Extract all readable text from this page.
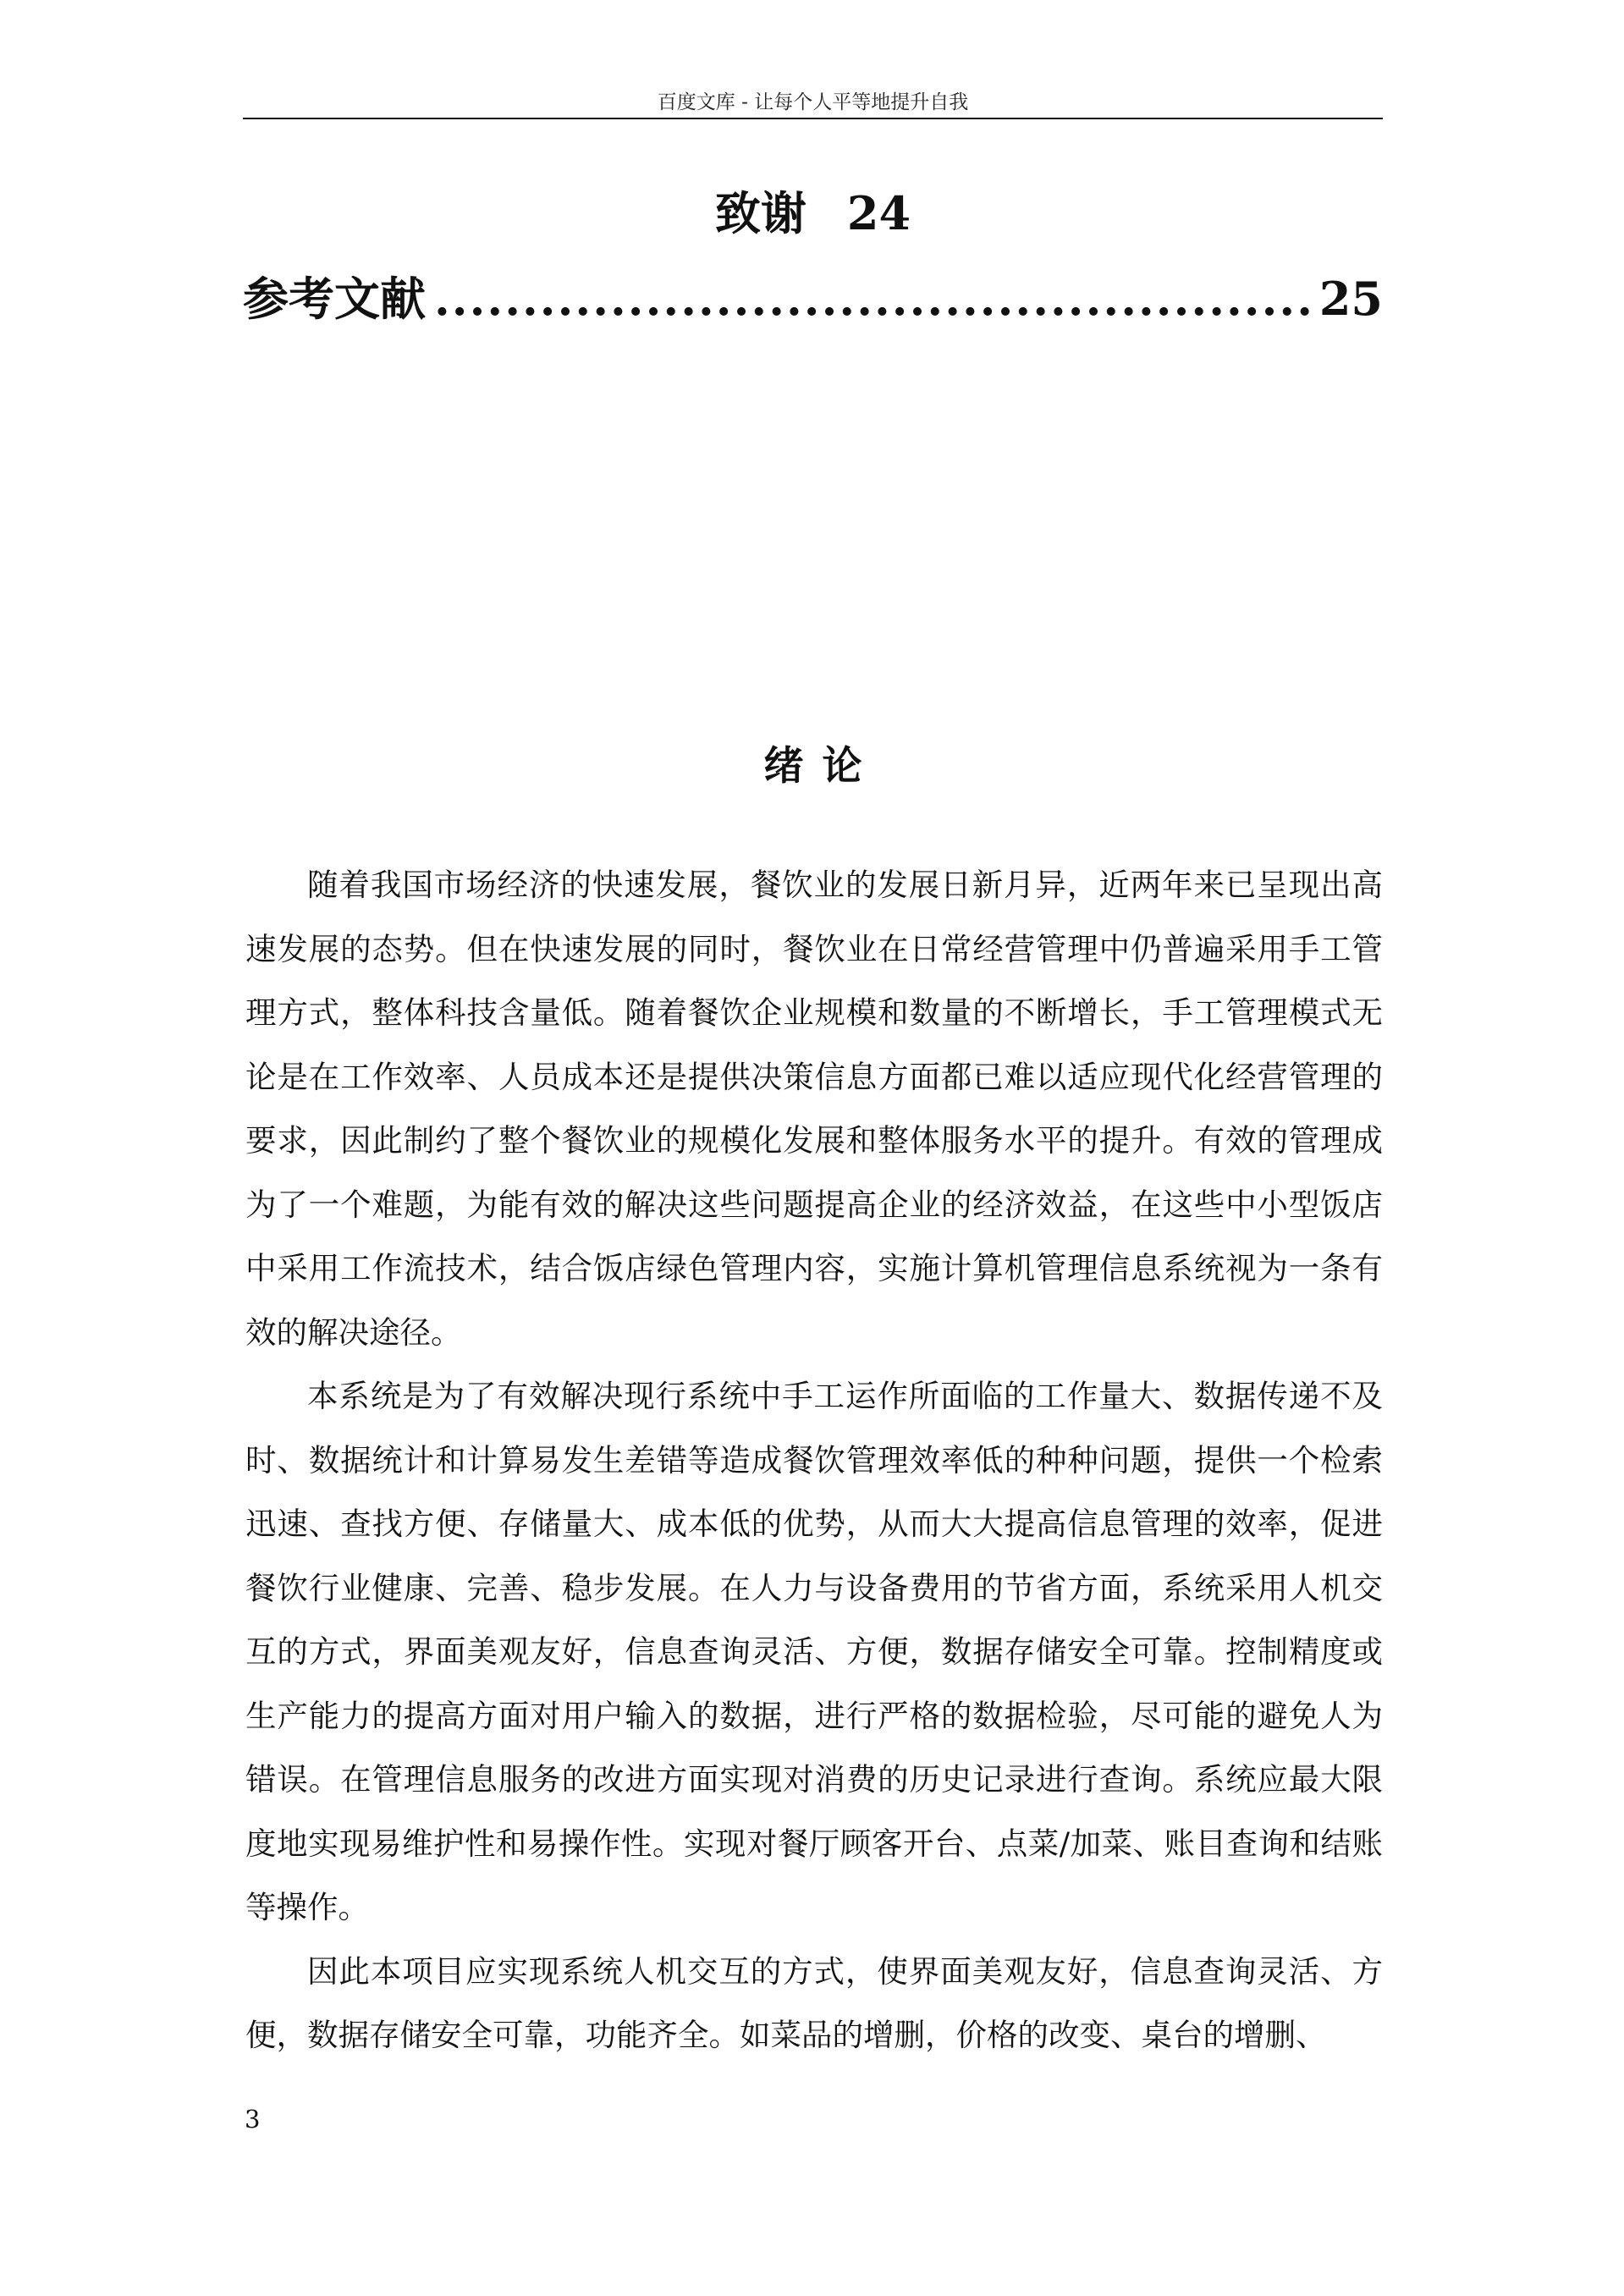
百度文库 - 让每个人平等地提升自我
致谢 24
参考文献
.....	25
绪论

随着我国市场经济的快速发展，餐饮业的发展日新月异，近两年来已呈现出高速发展的态势。但在快速发展的同时，餐饮业在日常经营管理中仍普遍采用手工管理方式，整体科技含量低。随着餐饮企业规模和数量的不断增长，手工管理模式无论是在工作效率、人员成本还是提供决策信息方面都已难以适应现代化经营管理的要求，因此制约了整个餐饮业的规模化发展和整体服务水平的提升。有效的管理成为了一个难题，为能有效的解决这些问题提高企业的经济效益，在这些中小型饭店中采用工作流技术，结合饭店绿色管理内容，实施计算机管理信息系统视为一条有效的解决途径。

本系统是为了有效解决现行系统中手工运作所面临的工作量大、数据传递不及时、数据统计和计算易发生差错等造成餐饮管理效率低的种种问题，提供一个检索迅速、查找方便、存储量大、成本低的优势，从而大大提高信息管理的效率，促进餐饮行业健康、完善、稳步发展。在人力与设备费用的节省方面，系统采用人机交互的方式，界面美观友好，信息查询灵活、方便，数据存储安全可靠。控制精度或生产能力的提高方面对用户输入的数据，进行严格的数据检验，尽可能的避免人为错误。在管理信息服务的改进方面实现对消费的历史记录进行查询。系统应最大限度地实现易维护性和易操作性。实现对餐厅顾客开台、点菜/加菜、账目查询和结账等操作。

因此本项目应实现系统人机交互的方式，使界面美观友好，信息查询灵活、方便，数据存储安全可靠，功能齐全。如菜品的增删，价格的改变、桌台的增删、

3
